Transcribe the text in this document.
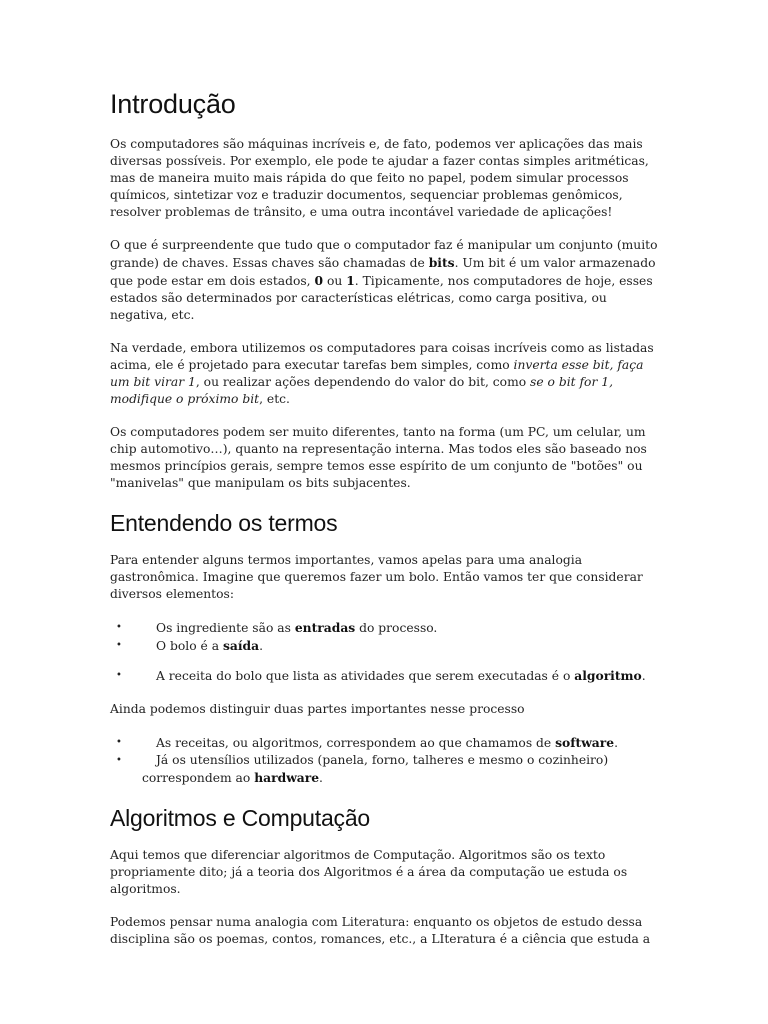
Introdução

Os computadores são máquinas incríveis e, de fato, podemos ver aplicações das mais diversas possíveis. Por exemplo, ele pode te ajudar a fazer contas simples aritméticas, mas de maneira muito mais rápida do que feito no papel, podem simular processos químicos, sintetizar voz e traduzir documentos, sequenciar problemas genômicos, resolver problemas de trânsito, e uma outra incontável variedade de aplicações!

O que é surpreendente que tudo que o computador faz é manipular um conjunto (muito grande) de chaves. Essas chaves são chamadas de bits. Um bit é um valor armazenado que pode estar em dois estados, 0 ou 1. Tipicamente, nos computadores de hoje, esses estados são determinados por características elétricas, como carga positiva, ou negativa, etc.

Na verdade, embora utilizemos os computadores para coisas incríveis como as listadas acima, ele é projetado para executar tarefas bem simples, como inverta esse bit, faça um bit virar 1, ou realizar ações dependendo do valor do bit, como se o bit for 1, modifique o próximo bit, etc.

Os computadores podem ser muito diferentes, tanto na forma (um PC, um celular, um chip automotivo…), quanto na representação interna. Mas todos eles são baseado nos mesmos princípios gerais, sempre temos esse espírito de um conjunto de "botões" ou "manivelas" que manipulam os bits subjacentes.

Entendendo os termos

Para entender alguns termos importantes, vamos apelas para uma analogia gastronômica. Imagine que queremos fazer um bolo. Então vamos ter que considerar diversos elementos:

•	Os ingrediente são as entradas do processo.
•	O bolo é a saída.
•	A receita do bolo que lista as atividades que serem executadas é o algoritmo.

Ainda podemos distinguir duas partes importantes nesse processo

•	As receitas, ou algoritmos, correspondem ao que chamamos de software.
•	Já os utensílios utilizados (panela, forno, talheres e mesmo o cozinheiro) correspondem ao hardware.
Algoritmos e Computação

Aqui temos que diferenciar algoritmos de Computação. Algoritmos são os texto propriamente dito; já a teoria dos Algoritmos é a área da computação ue estuda os algoritmos.

Podemos pensar numa analogia com Literatura: enquanto os objetos de estudo dessa disciplina são os poemas, contos, romances, etc., a LIteratura é a ciência que estuda a
